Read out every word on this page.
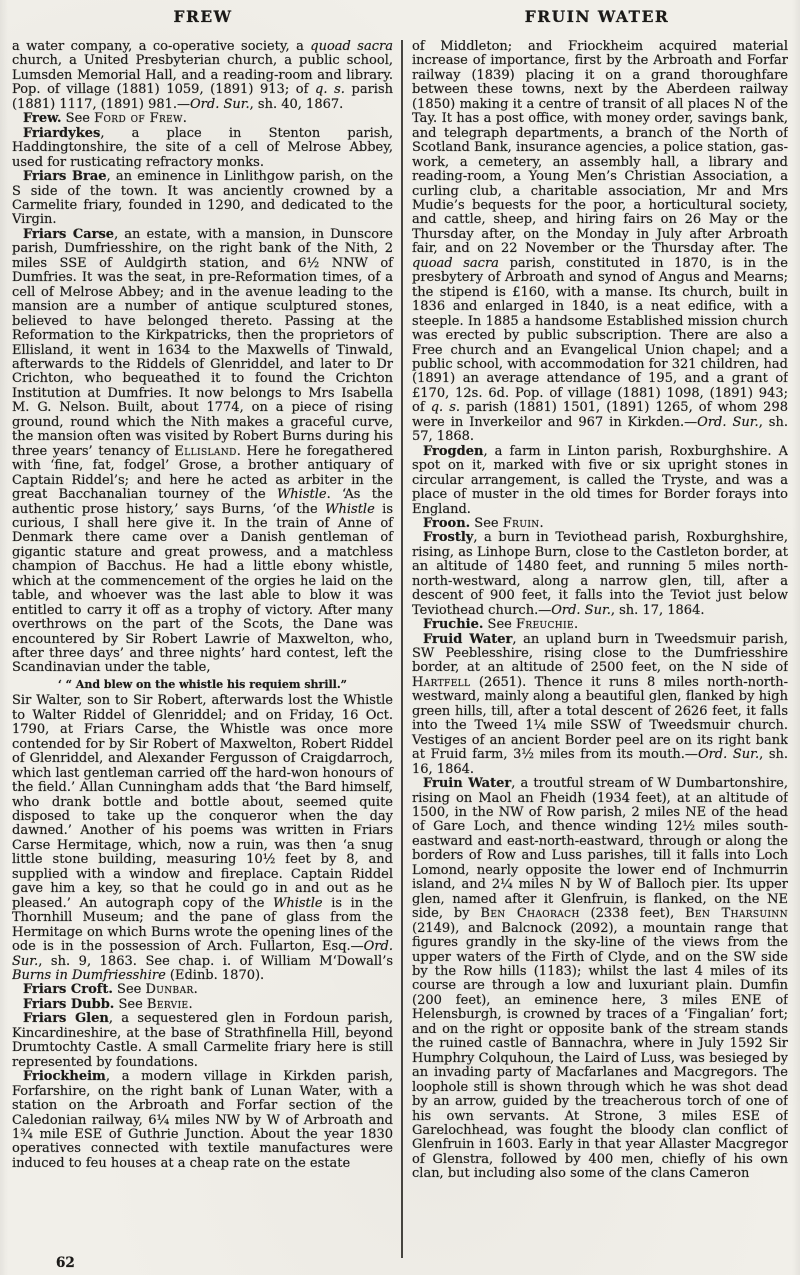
FREW	FRUIN WATER

a water company, a co-operative society, a quoad sacra church, a United Presbyterian church, a public school, Lumsden Memorial Hall, and a reading-room and library. Pop. of village (1881) 1059, (1891) 913; of q. s. parish (1881) 1117, (1891) 981.—Ord. Sur., sh. 40, 1867.

Frew. See Ford of Frew.

Friardykes, a place in Stenton parish, Haddingtonshire, the site of a cell of Melrose Abbey, used for rusticating refractory monks.

Friars Brae, an eminence in Linlithgow parish, on the S side of the town. It was anciently crowned by a Carmelite friary, founded in 1290, and dedicated to the Virgin.

Friars Carse, an estate, with a mansion, in Dunscore parish, Dumfriesshire, on the right bank of the Nith, 2 miles SSE of Auldgirth station, and 6½ NNW of Dumfries. It was the seat, in pre-Reformation times, of a cell of Melrose Abbey; and in the avenue leading to the mansion are a number of antique sculptured stones, believed to have belonged thereto. Passing at the Reformation to the Kirkpatricks, then the proprietors of Ellisland, it went in 1634 to the Maxwells of Tinwald, afterwards to the Riddels of Glenriddel, and later to Dr Crichton, who bequeathed it to found the Crichton Institution at Dumfries. It now belongs to Mrs Isabella M. G. Nelson. Built, about 1774, on a piece of rising ground, round which the Nith makes a graceful curve, the mansion often was visited by Robert Burns during his three years’ tenancy of Ellisland. Here he foregathered with ‘fine, fat, fodgel’ Grose, a brother antiquary of Captain Riddel’s; and here he acted as arbiter in the great Bacchanalian tourney of the Whistle. ‘As the authentic prose history,’ says Burns, ‘of the Whistle is curious, I shall here give it. In the train of Anne of Denmark there came over a Danish gentleman of gigantic stature and great prowess, and a matchless champion of Bacchus. He had a little ebony whistle, which at the commencement of the orgies he laid on the table, and whoever was the last able to blow it was entitled to carry it off as a trophy of victory. After many overthrows on the part of the Scots, the Dane was encountered by Sir Robert Lawrie of Maxwelton, who, after three days’ and three nights’ hard contest, left the Scandinavian under the table,

‘ “ And blew on the whistle his requiem shrill.”

Sir Walter, son to Sir Robert, afterwards lost the Whistle to Walter Riddel of Glenriddel; and on Friday, 16 Oct. 1790, at Friars Carse, the Whistle was once more contended for by Sir Robert of Maxwelton, Robert Riddel of Glenriddel, and Alexander Fergusson of Craigdarroch, which last gentleman carried off the hard-won honours of the field.’ Allan Cunningham adds that ‘the Bard himself, who drank bottle and bottle about, seemed quite disposed to take up the conqueror when the day dawned.’ Another of his poems was written in Friars Carse Hermitage, which, now a ruin, was then ‘a snug little stone building, measuring 10½ feet by 8, and supplied with a window and fireplace. Captain Riddel gave him a key, so that he could go in and out as he pleased.’ An autograph copy of the Whistle is in the Thornhill Museum; and the pane of glass from the Hermitage on which Burns wrote the opening lines of the ode is in the possession of Arch. Fullarton, Esq.—Ord. Sur., sh. 9, 1863. See chap. i. of William M‘Dowall’s Burns in Dumfriesshire (Edinb. 1870).

Friars Croft. See Dunbar.

Friars Dubb. See Bervie.

Friars Glen, a sequestered glen in Fordoun parish, Kincardineshire, at the base of Strathfinella Hill, beyond Drumtochty Castle. A small Carmelite friary here is still represented by foundations.

Friockheim, a modern village in Kirkden parish, Forfarshire, on the right bank of Lunan Water, with a station on the Arbroath and Forfar section of the Caledonian railway, 6¼ miles NW by W of Arbroath and 1¾ mile ESE of Guthrie Junction. About the year 1830 operatives connected with textile manufactures were induced to feu houses at a cheap rate on the estate

of Middleton; and Friockheim acquired material increase of importance, first by the Arbroath and Forfar railway (1839) placing it on a grand thoroughfare between these towns, next by the Aberdeen railway (1850) making it a centre of transit of all places N of the Tay. It has a post office, with money order, savings bank, and telegraph departments, a branch of the North of Scotland Bank, insurance agencies, a police station, gas-work, a cemetery, an assembly hall, a library and reading-room, a Young Men’s Christian Association, a curling club, a charitable association, Mr and Mrs Mudie’s bequests for the poor, a horticultural society, and cattle, sheep, and hiring fairs on 26 May or the Thursday after, on the Monday in July after Arbroath fair, and on 22 November or the Thursday after. The quoad sacra parish, constituted in 1870, is in the presbytery of Arbroath and synod of Angus and Mearns; the stipend is £160, with a manse. Its church, built in 1836 and enlarged in 1840, is a neat edifice, with a steeple. In 1885 a handsome Established mission church was erected by public subscription. There are also a Free church and an Evangelical Union chapel; and a public school, with accommodation for 321 children, had (1891) an average attendance of 195, and a grant of £170, 12s. 6d. Pop. of village (1881) 1098, (1891) 943; of q. s. parish (1881) 1501, (1891) 1265, of whom 298 were in Inverkeilor and 967 in Kirkden.—Ord. Sur., sh. 57, 1868.

Frogden, a farm in Linton parish, Roxburghshire. A spot on it, marked with five or six upright stones in circular arrangement, is called the Tryste, and was a place of muster in the old times for Border forays into England.

Froon. See Fruin.

Frostly, a burn in Teviothead parish, Roxburghshire, rising, as Linhope Burn, close to the Castleton border, at an altitude of 1480 feet, and running 5 miles north-north-westward, along a narrow glen, till, after a descent of 900 feet, it falls into the Teviot just below Teviothead church.—Ord. Sur., sh. 17, 1864.

Fruchie. See Freuchie.

Fruid Water, an upland burn in Tweedsmuir parish, SW Peeblesshire, rising close to the Dumfriesshire border, at an altitude of 2500 feet, on the N side of Hartfell (2651). Thence it runs 8 miles north-north-westward, mainly along a beautiful glen, flanked by high green hills, till, after a total descent of 2626 feet, it falls into the Tweed 1¼ mile SSW of Tweedsmuir church. Vestiges of an ancient Border peel are on its right bank at Fruid farm, 3½ miles from its mouth.—Ord. Sur., sh. 16, 1864.

Fruin Water, a troutful stream of W Dumbartonshire, rising on Maol an Fheidh (1934 feet), at an altitude of 1500, in the NW of Row parish, 2 miles NE of the head of Gare Loch, and thence winding 12½ miles south-eastward and east-north-eastward, through or along the borders of Row and Luss parishes, till it falls into Loch Lomond, nearly opposite the lower end of Inchmurrin island, and 2¼ miles N by W of Balloch pier. Its upper glen, named after it Glenfruin, is flanked, on the NE side, by Ben Chaorach (2338 feet), Ben Tharsuinn (2149), and Balcnock (2092), a mountain range that figures grandly in the sky-line of the views from the upper waters of the Firth of Clyde, and on the SW side by the Row hills (1183); whilst the last 4 miles of its course are through a low and luxuriant plain. Dumfin (200 feet), an eminence here, 3 miles ENE of Helensburgh, is crowned by traces of a ‘Fingalian’ fort; and on the right or opposite bank of the stream stands the ruined castle of Bannachra, where in July 1592 Sir Humphry Colquhoun, the Laird of Luss, was besieged by an invading party of Macfarlanes and Macgregors. The loophole still is shown through which he was shot dead by an arrow, guided by the treacherous torch of one of his own servants. At Strone, 3 miles ESE of Garelochhead, was fought the bloody clan conflict of Glenfruin in 1603. Early in that year Allaster Macgregor of Glenstra, followed by 400 men, chiefly of his own clan, but including also some of the clans Cameron

62
